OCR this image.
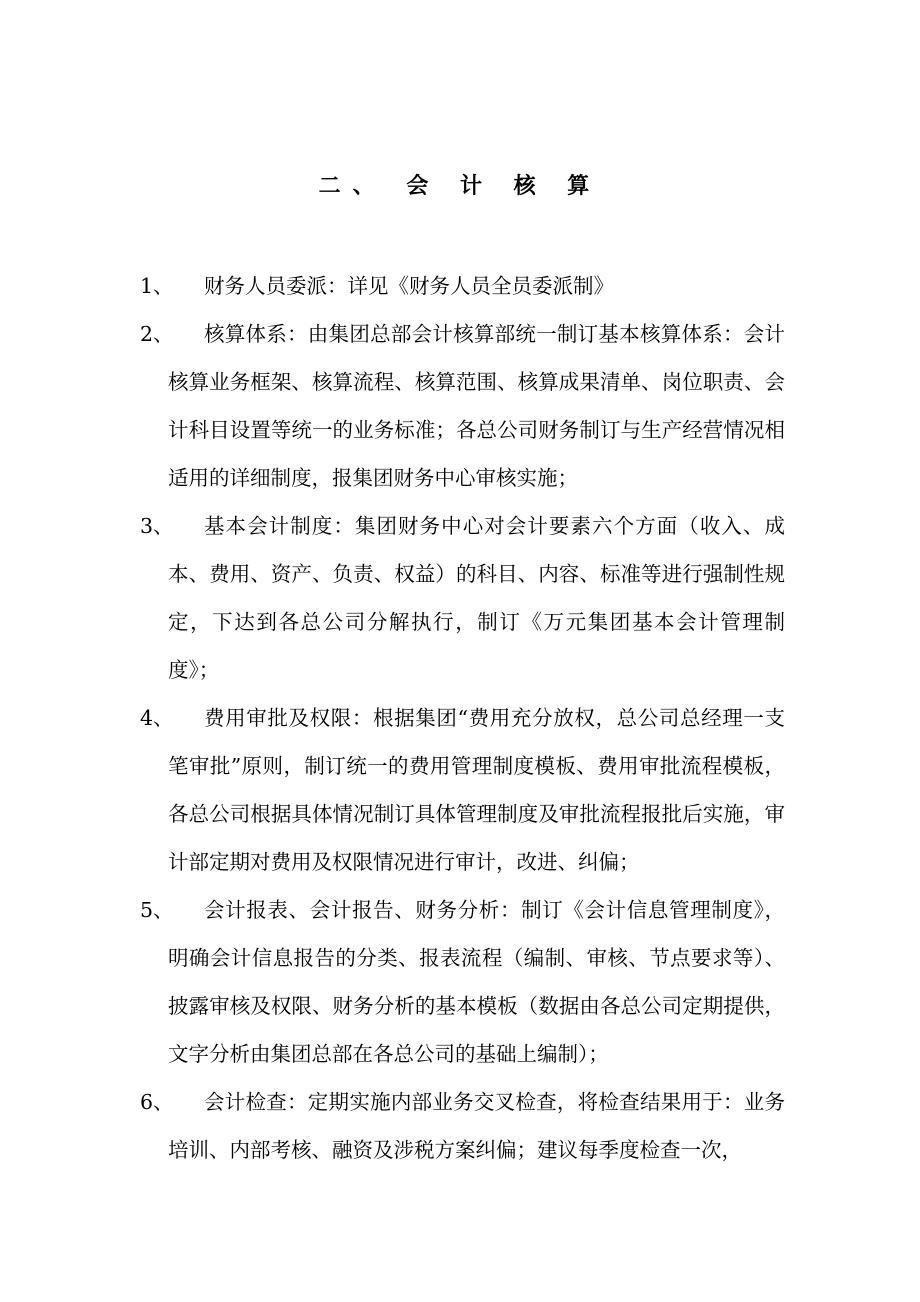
二、 会 计 核 算
1、	财务人员委派：详见《财务人员全员委派制》
2、	核算体系：由集团总部会计核算部统一制订基本核算体系：会计核算业务框架、核算流程、核算范围、核算成果清单、岗位职责、会计科目设置等统一的业务标准；各总公司财务制订与生产经营情况相适用的详细制度，报集团财务中心审核实施；
3、	基本会计制度：集团财务中心对会计要素六个方面（收入、成本、费用、资产、负责、权益）的科目、内容、标准等进行强制性规定，下达到各总公司分解执行，制订《万元集团基本会计管理制度》；
4、	费用审批及权限：根据集团“费用充分放权，总公司总经理一支笔审批”原则，制订统一的费用管理制度模板、费用审批流程模板，各总公司根据具体情况制订具体管理制度及审批流程报批后实施，审计部定期对费用及权限情况进行审计，改进、纠偏；
5、	会计报表、会计报告、财务分析：制订《会计信息管理制度》，明确会计信息报告的分类、报表流程（编制、审核、节点要求等）、披露审核及权限、财务分析的基本模板（数据由各总公司定期提供，文字分析由集团总部在各总公司的基础上编制）；
6、	会计检查：定期实施内部业务交叉检查，将检查结果用于：业务培训、内部考核、融资及涉税方案纠偏；建议每季度检查一次，
